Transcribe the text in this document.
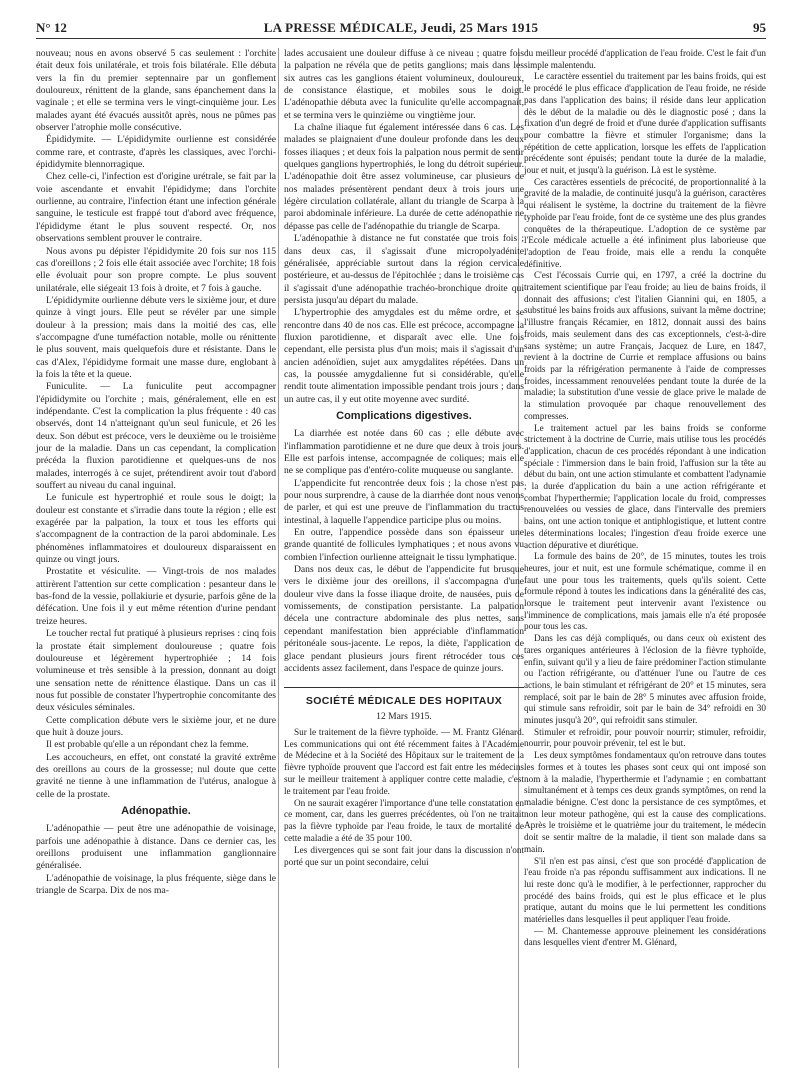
N° 12	LA PRESSE MÉDICALE, Jeudi, 25 Mars 1915	95

nouveau; nous en avons observé 5 cas seulement : l'orchite était deux fois unilatérale, et trois fois bilatérale. Elle débuta vers la fin du premier septennaire par un gonflement douloureux, rénittent de la glande, sans épanchement dans la vaginale ; et elle se termina vers le vingt-cinquième jour. Les malades ayant été évacués aussitôt après, nous ne pûmes pas observer l'atrophie molle consécutive.

Épididymite. — L'épididymite ourlienne est considérée comme rare, et contraste, d'après les classiques, avec l'orchi-épididymite blennorragique.

Chez celle-ci, l'infection est d'origine urétrale, se fait par la voie ascendante et envahit l'épididyme; dans l'orchite ourlienne, au contraire, l'infection étant une infection générale sanguine, le testicule est frappé tout d'abord avec fréquence, l'épididyme étant le plus souvent respecté. Or, nos observations semblent prouver le contraire.

Nous avons pu dépister l'épididymite 20 fois sur nos 115 cas d'oreillons ; 2 fois elle était associée avec l'orchite; 18 fois elle évoluait pour son propre compte. Le plus souvent unilatérale, elle siégeait 13 fois à droite, et 7 fois à gauche.

L'épididymite ourlienne débute vers le sixième jour, et dure quinze à vingt jours. Elle peut se révéler par une simple douleur à la pression; mais dans la moitié des cas, elle s'accompagne d'une tuméfaction notable, molle ou rénittente le plus souvent, mais quelquefois dure et résistante. Dans le cas d'Alex, l'épididyme formait une masse dure, englobant à la fois la tête et la queue.

Funiculite. — La funiculite peut accompagner l'épididymite ou l'orchite ; mais, généralement, elle en est indépendante. C'est la complication la plus fréquente : 40 cas observés, dont 14 n'atteignant qu'un seul funicule, et 26 les deux. Son début est précoce, vers le deuxième ou le troisième jour de la maladie. Dans un cas cependant, la complication précéda la fluxion parotidienne et quelques-uns de nos malades, interrogés à ce sujet, prétendirent avoir tout d'abord souffert au niveau du canal inguinal.

Le funicule est hypertrophié et roule sous le doigt; la douleur est constante et s'irradie dans toute la région ; elle est exagérée par la palpation, la toux et tous les efforts qui s'accompagnent de la contraction de la paroi abdominale. Les phénomènes inflammatoires et douloureux disparaissent en quinze ou vingt jours.

Prostatite et vésiculite. — Vingt-trois de nos malades attirèrent l'attention sur cette complication : pesanteur dans le bas-fond de la vessie, pollakiurie et dysurie, parfois gêne de la défécation. Une fois il y eut même rétention d'urine pendant treize heures.

Le toucher rectal fut pratiqué à plusieurs reprises : cinq fois la prostate était simplement douloureuse ; quatre fois douloureuse et légèrement hypertrophiée ; 14 fois volumineuse et très sensible à la pression, donnant au doigt une sensation nette de rénittence élastique. Dans un cas il nous fut possible de constater l'hypertrophie concomitante des deux vésicules séminales.

Cette complication débute vers le sixième jour, et ne dure que huit à douze jours.

Il est probable qu'elle a un répondant chez la femme.

Les accoucheurs, en effet, ont constaté la gravité extrême des oreillons au cours de la grossesse; nul doute que cette gravité ne tienne à une inflammation de l'utérus, analogue à celle de la prostate.

Adénopathie.

L'adénopathie — peut être une adénopathie de voisinage, parfois une adénopathie à distance. Dans ce dernier cas, les oreillons produisent une inflammation ganglionnaire généralisée.

L'adénopathie de voisinage, la plus fréquente, siège dans le triangle de Scarpa. Dix de nos ma-

lades accusaient une douleur diffuse à ce niveau ; quatre fois la palpation ne révéla que de petits ganglions; mais dans les six autres cas les ganglions étaient volumineux, douloureux, de consistance élastique, et mobiles sous le doigt. L'adénopathie débuta avec la funiculite qu'elle accompagnait, et se termina vers le quinzième ou vingtième jour.

La chaîne iliaque fut également intéressée dans 6 cas. Les malades se plaignaient d'une douleur profonde dans les deux fosses iliaques ; et deux fois la palpation nous permit de sentir quelques ganglions hypertrophiés, le long du détroit supérieur. L'adénopathie doit être assez volumineuse, car plusieurs de nos malades présentèrent pendant deux à trois jours une légère circulation collatérale, allant du triangle de Scarpa à la paroi abdominale inférieure. La durée de cette adénopathie ne dépasse pas celle de l'adénopathie du triangle de Scarpa.

L'adénopathie à distance ne fut constatée que trois fois ; dans deux cas, il s'agissait d'une micropolyadénite généralisée, appréciable surtout dans la région cervicale postérieure, et au-dessus de l'épitochlée ; dans le troisième cas il s'agissait d'une adénopathie trachéo-bronchique droite qui persista jusqu'au départ du malade.

L'hypertrophie des amygdales est du même ordre, et se rencontre dans 40 de nos cas. Elle est précoce, accompagne la fluxion parotidienne, et disparaît avec elle. Une fois cependant, elle persista plus d'un mois; mais il s'agissait d'un ancien adénoïdien, sujet aux amygdalites répétées. Dans un cas, la poussée amygdalienne fut si considérable, qu'elle rendit toute alimentation impossible pendant trois jours ; dans un autre cas, il y eut otite moyenne avec surdité.

Complications digestives.

La diarrhée est notée dans 60 cas ; elle débute avec l'inflammation parotidienne et ne dure que deux à trois jours. Elle est parfois intense, accompagnée de coliques; mais elle ne se complique pas d'entéro-colite muqueuse ou sanglante.

L'appendicite fut rencontrée deux fois ; la chose n'est pas pour nous surprendre, à cause de la diarrhée dont nous venons de parler, et qui est une preuve de l'inflammation du tractus intestinal, à laquelle l'appendice participe plus ou moins.

En outre, l'appendice possède dans son épaisseur une grande quantité de follicules lymphatiques ; et nous avons vu combien l'infection ourlienne atteignait le tissu lymphatique.

Dans nos deux cas, le début de l'appendicite fut brusque vers le dixième jour des oreillons, il s'accompagna d'une douleur vive dans la fosse iliaque droite, de nausées, puis de vomissements, de constipation persistante. La palpation décela une contracture abdominale des plus nettes, sans cependant manifestation bien appréciable d'inflammation péritonéale sous-jacente. Le repos, la diète, l'application de glace pendant plusieurs jours firent rétrocéder tous ces accidents assez facilement, dans l'espace de quinze jours.

SOCIÉTÉ MÉDICALE DES HOPITAUX
12 Mars 1915.

Sur le traitement de la fièvre typhoïde. — M. Frantz Glénard. Les communications qui ont été récemment faites à l'Académie de Médecine et à la Société des Hôpitaux sur le traitement de la fièvre typhoïde prouvent que l'accord est fait entre les médecins sur le meilleur traitement à appliquer contre cette maladie, c'est le traitement par l'eau froide.

On ne saurait exagérer l'importance d'une telle constatation en ce moment, car, dans les guerres précédentes, où l'on ne traitait pas la fièvre typhoïde par l'eau froide, le taux de mortalité de cette maladie a été de 35 pour 100.

Les divergences qui se sont fait jour dans la discussion n'ont porté que sur un point secondaire, celui

du meilleur procédé d'application de l'eau froide. C'est le fait d'un simple malentendu.

Le caractère essentiel du traitement par les bains froids, qui est le procédé le plus efficace d'application de l'eau froide, ne réside pas dans l'application des bains; il réside dans leur application dès le début de la maladie ou dès le diagnostic posé ; dans la fixation d'un degré de froid et d'une durée d'application suffisants pour combattre la fièvre et stimuler l'organisme; dans la répétition de cette application, lorsque les effets de l'application précédente sont épuisés; pendant toute la durée de la maladie, jour et nuit, et jusqu'à la guérison. Là est le système.

Ces caractères essentiels de précocité, de proportionnalité à la gravité de la maladie, de continuité jusqu'à la guérison, caractères qui réalisent le système, la doctrine du traitement de la fièvre typhoïde par l'eau froide, font de ce système une des plus grandes conquêtes de la thérapeutique. L'adoption de ce système par l'Ecole médicale actuelle a été infiniment plus laborieuse que l'adoption de l'eau froide, mais elle a rendu la conquête définitive.

C'est l'écossais Currie qui, en 1797, a créé la doctrine du traitement scientifique par l'eau froide; au lieu de bains froids, il donnait des affusions; c'est l'italien Giannini qui, en 1805, a substitué les bains froids aux affusions, suivant la même doctrine; l'illustre français Récamier, en 1812, donnait aussi des bains froids, mais seulement dans des cas exceptionnels, c'est-à-dire sans système; un autre Français, Jacquez de Lure, en 1847, revient à la doctrine de Currie et remplace affusions ou bains froids par la réfrigération permanente à l'aide de compresses froides, incessamment renouvelées pendant toute la durée de la maladie; la substitution d'une vessie de glace prive le malade de la stimulation provoquée par chaque renouvellement des compresses.

Le traitement actuel par les bains froids se conforme strictement à la doctrine de Currie, mais utilise tous les procédés d'application, chacun de ces procédés répondant à une indication spéciale : l'immersion dans le bain froid, l'affusion sur la tête au début du bain, ont une action stimulante et combattent l'adynamie ; la durée d'application du bain a une action réfrigérante et combat l'hyperthermie; l'application locale du froid, compresses renouvelées ou vessies de glace, dans l'intervalle des premiers bains, ont une action tonique et antiphlogistique, et luttent contre les déterminations locales; l'ingestion d'eau froide exerce une action dépurative et diurétique.

La formule des bains de 20°, de 15 minutes, toutes les trois heures, jour et nuit, est une formule schématique, comme il en faut une pour tous les traitements, quels qu'ils soient. Cette formule répond à toutes les indications dans la généralité des cas, lorsque le traitement peut intervenir avant l'existence ou l'imminence de complications, mais jamais elle n'a été proposée pour tous les cas.

Dans les cas déjà compliqués, ou dans ceux où existent des tares organiques antérieures à l'éclosion de la fièvre typhoïde, enfin, suivant qu'il y a lieu de faire prédominer l'action stimulante ou l'action réfrigérante, ou d'atténuer l'une ou l'autre de ces actions, le bain stimulant et réfrigérant de 20° et 15 minutes, sera remplacé, soit par le bain de 28° 5 minutes avec affusion froide, qui stimule sans refroidir, soit par le bain de 34° refroidi en 30 minutes jusqu'à 20°, qui refroidit sans stimuler.

Stimuler et refroidir, pour pouvoir nourrir; stimuler, refroidir, nourrir, pour pouvoir prévenir, tel est le but.

Les deux symptômes fondamentaux qu'on retrouve dans toutes les formes et à toutes les phases sont ceux qui ont imposé son nom à la maladie, l'hyperthermie et l'adynamie ; en combattant simultanément et à temps ces deux grands symptômes, on rend la maladie bénigne. C'est donc la persistance de ces symptômes, et non leur moteur pathogène, qui est la cause des complications. Après le troisième et le quatrième jour du traitement, le médecin doit se sentir maître de la maladie, il tient son malade dans sa main.

S'il n'en est pas ainsi, c'est que son procédé d'application de l'eau froide n'a pas répondu suffisamment aux indications. Il ne lui reste donc qu'à le modifier, à le perfectionner, rapprocher du procédé des bains froids, qui est le plus efficace et le plus pratique, autant du moins que le lui permettent les conditions matérielles dans lesquelles il peut appliquer l'eau froide.

— M. Chantemesse approuve pleinement les considérations dans lesquelles vient d'entrer M. Glénard,
